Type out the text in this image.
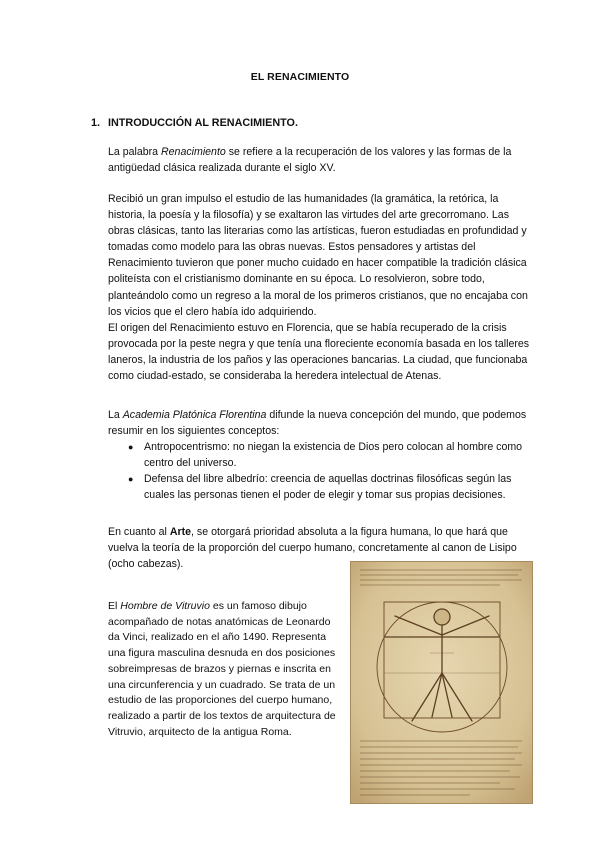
EL RENACIMIENTO
1. INTRODUCCIÓN AL RENACIMIENTO.

La palabra Renacimiento se refiere a la recuperación de los valores y las formas de la antigüedad clásica realizada durante el siglo XV.

Recibió un gran impulso el estudio de las humanidades (la gramática, la retórica, la historia, la poesía y la filosofía) y se exaltaron las virtudes del arte grecorromano. Las obras clásicas, tanto las literarias como las artísticas, fueron estudiadas en profundidad y tomadas como modelo para las obras nuevas. Estos pensadores y artistas del Renacimiento tuvieron que poner mucho cuidado en hacer compatible la tradición clásica politeísta con el cristianismo dominante en su época. Lo resolvieron, sobre todo, planteándolo como un regreso a la moral de los primeros cristianos, que no encajaba con los vicios que el clero había ido adquiriendo.

El origen del Renacimiento estuvo en Florencia, que se había recuperado de la crisis provocada por la peste negra y que tenía una floreciente economía basada en los talleres laneros, la industria de los paños y las operaciones bancarias. La ciudad, que funcionaba como ciudad-estado, se consideraba la heredera intelectual de Atenas.

La Academia Platónica Florentina difunde la nueva concepción del mundo, que podemos resumir en los siguientes conceptos:

● Antropocentrismo: no niegan la existencia de Dios pero colocan al hombre como centro del universo.
● Defensa del libre albedrío: creencia de aquellas doctrinas filosóficas según las cuales las personas tienen el poder de elegir y tomar sus propias decisiones.

En cuanto al Arte, se otorgará prioridad absoluta a la figura humana, lo que hará que vuelva la teoría de la proporción del cuerpo humano, concretamente al canon de Lisipo (ocho cabezas).

El Hombre de Vitruvio es un famoso dibujo acompañado de notas anatómicas de Leonardo da Vinci, realizado en el año 1490. Representa una figura masculina desnuda en dos posiciones sobreimpresas de brazos y piernas e inscrita en una circunferencia y un cuadrado. Se trata de un estudio de las proporciones del cuerpo humano, realizado a partir de los textos de arquitectura de Vitruvio, arquitecto de la antigua Roma.
